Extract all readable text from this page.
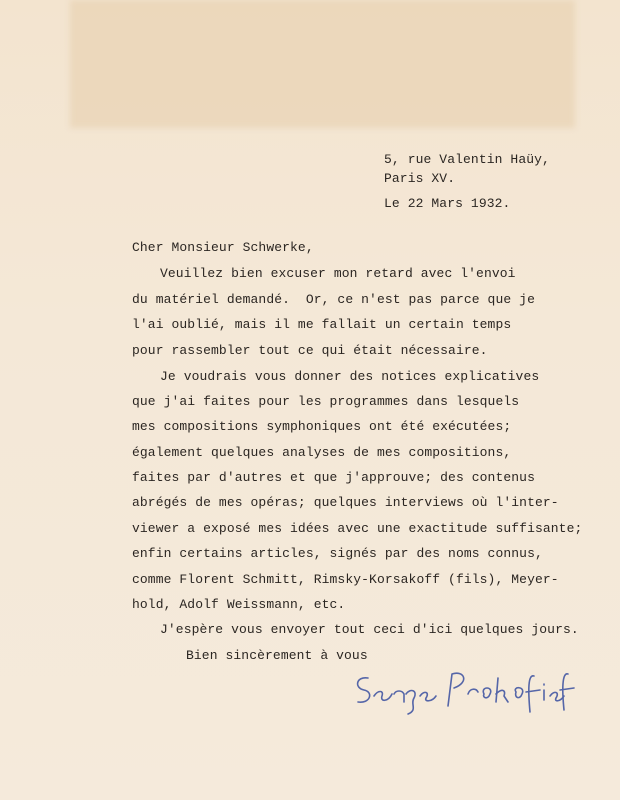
5, rue Valentin Haüy,
Paris XV.
Le 22 Mars 1932.
Cher Monsieur Schwerke,
Veuillez bien excuser mon retard avec l'envoi
du matériel demandé.  Or, ce n'est pas parce que je
l'ai oublié, mais il me fallait un certain temps
pour rassembler tout ce qui était nécessaire.
Je voudrais vous donner des notices explicatives
que j'ai faites pour les programmes dans lesquels
mes compositions symphoniques ont été exécutées;
également quelques analyses de mes compositions,
faites par d'autres et que j'approuve; des contenus
abrégés de mes opéras; quelques interviews où l'inter-
viewer a exposé mes idées avec une exactitude suffisante;
enfin certains articles, signés par des noms connus,
comme Florent Schmitt, Rimsky-Korsakoff (fils), Meyer-
hold, Adolf Weissmann, etc.
J'espère vous envoyer tout ceci d'ici quelques jours.
Bien sincèrement à vous
